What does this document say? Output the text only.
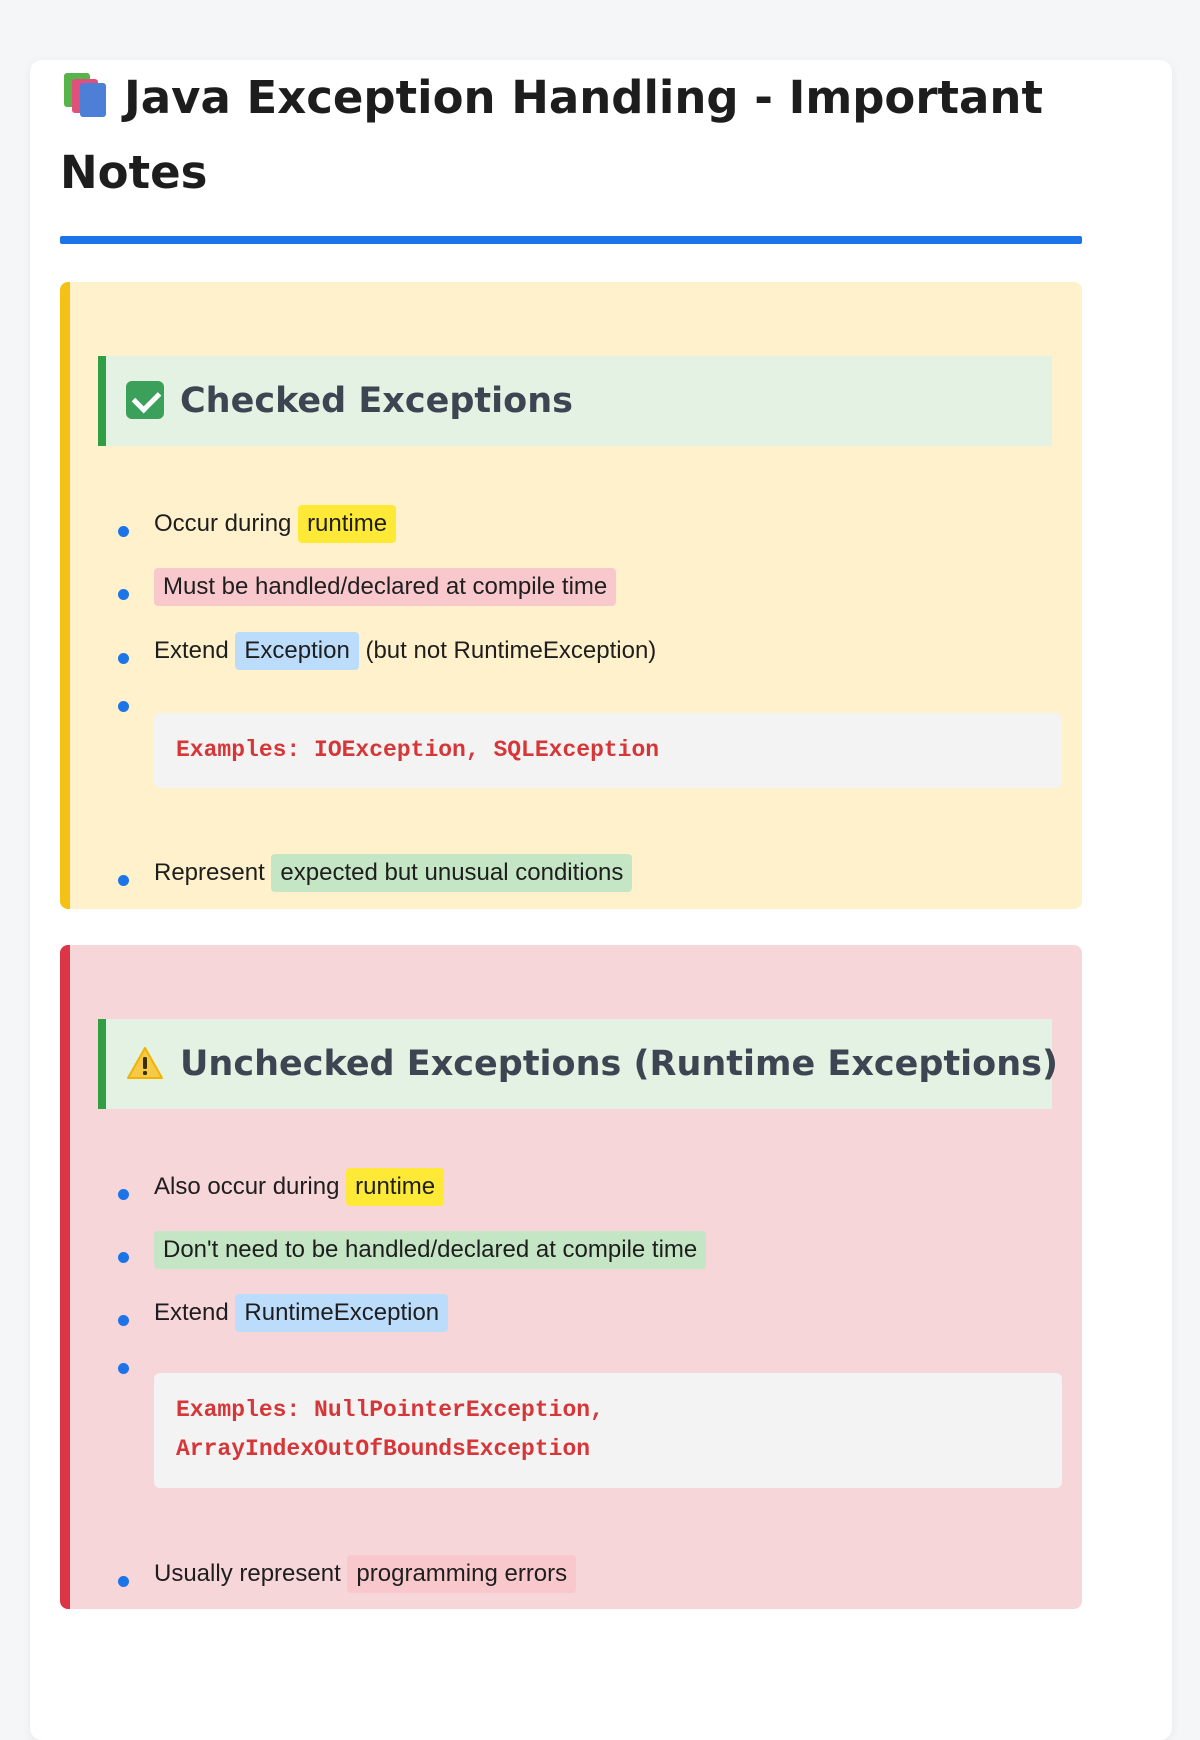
Java Exception Handling - Important Notes
Checked Exceptions
Occur during runtime
Must be handled/declared at compile time
Extend Exception (but not RuntimeException)
Examples: IOException, SQLException
Represent expected but unusual conditions
Unchecked Exceptions (Runtime Exceptions)
Also occur during runtime
Don't need to be handled/declared at compile time
Extend RuntimeException
Examples: NullPointerException,
ArrayIndexOutOfBoundsException
Usually represent programming errors
